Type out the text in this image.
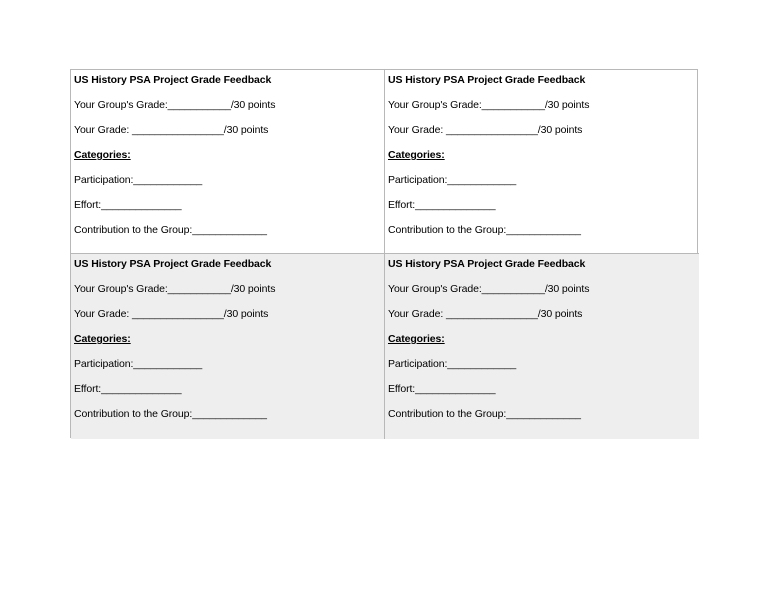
US History PSA Project Grade Feedback
Your Group's Grade:___________/30 points
Your Grade: ________________/30 points
Categories:
Participation:____________
Effort:______________
Contribution to the Group:_____________
US History PSA Project Grade Feedback
Your Group's Grade:___________/30 points
Your Grade: ________________/30 points
Categories:
Participation:____________
Effort:______________
Contribution to the Group:_____________
US History PSA Project Grade Feedback
Your Group's Grade:___________/30 points
Your Grade: ________________/30 points
Categories:
Participation:____________
Effort:______________
Contribution to the Group:_____________
US History PSA Project Grade Feedback
Your Group's Grade:___________/30 points
Your Grade: ________________/30 points
Categories:
Participation:____________
Effort:______________
Contribution to the Group:_____________
